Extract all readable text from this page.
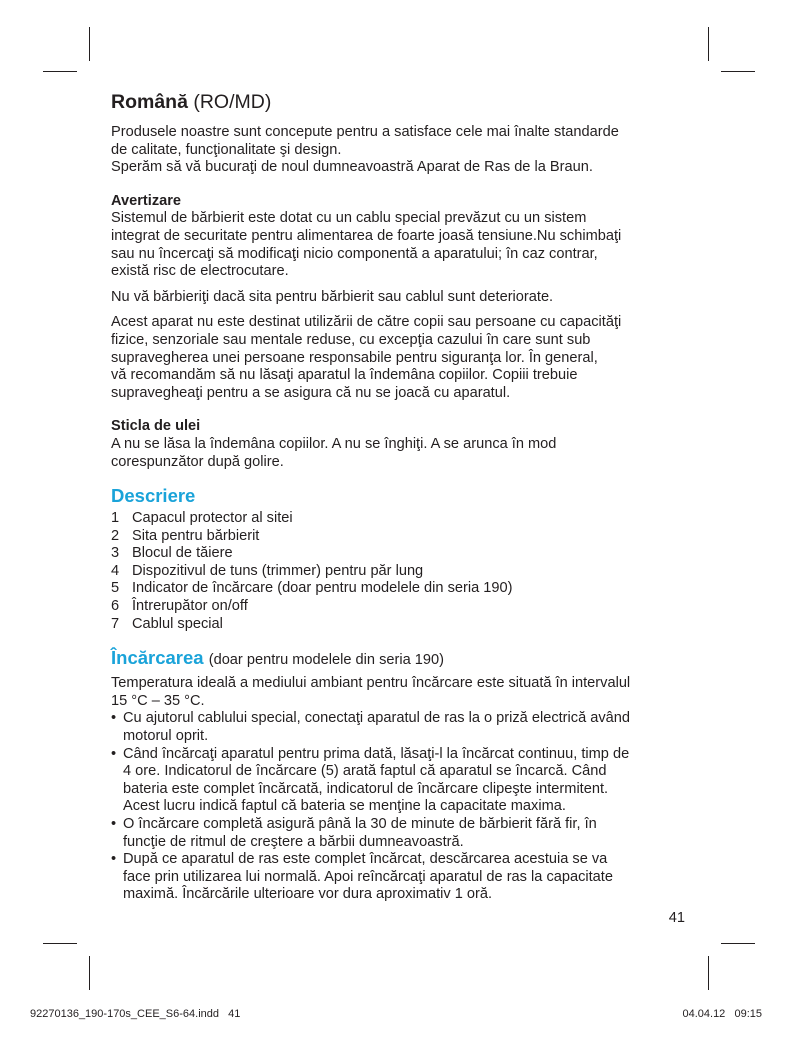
Română (RO/MD)

Produsele noastre sunt concepute pentru a satisface cele mai înalte standarde
de calitate, funcţionalitate şi design.
Sperăm să vă bucuraţi de noul dumneavoastră Aparat de Ras de la Braun.

Avertizare
Sistemul de bărbierit este dotat cu un cablu special prevăzut cu un sistem
integrat de securitate pentru alimentarea de foarte joasă tensiune.Nu schimbaţi
sau nu încercaţi să modificaţi nicio componentă a aparatului; în caz contrar,
există risc de electrocutare.

Nu vă bărbieriţi dacă sita pentru bărbierit sau cablul sunt deteriorate.

Acest aparat nu este destinat utilizării de către copii sau persoane cu capacităţi
fizice, senzoriale sau mentale reduse, cu excepţia cazului în care sunt sub
supravegherea unei persoane responsabile pentru siguranţa lor. În general,
vă recomandăm să nu lăsaţi aparatul la îndemâna copiilor. Copiii trebuie
supravegheaţi pentru a se asigura că nu se joacă cu aparatul.

Sticla de ulei
A nu se lăsa la îndemâna copiilor. A nu se înghiţi. A se arunca în mod
corespunzător după golire.

Descriere
1 Capacul protector al sitei
2 Sita pentru bărbierit
3 Blocul de tăiere
4 Dispozitivul de tuns (trimmer) pentru păr lung
5 Indicator de încărcare (doar pentru modelele din seria 190)
6 Întrerupător on/off
7 Cablul special
Încărcarea (doar pentru modelele din seria 190)

Temperatura ideală a mediului ambiant pentru încărcare este situată în intervalul
15 °C – 35 °C.

• Cu ajutorul cablului special, conectaţi aparatul de ras la o priză electrică având
motorul oprit.
• Când încărcaţi aparatul pentru prima dată, lăsaţi-l la încărcat continuu, timp de
4 ore. Indicatorul de încărcare (5) arată faptul că aparatul se încarcă. Când
bateria este complet încărcată, indicatorul de încărcare clipeşte intermitent.
Acest lucru indică faptul că bateria se menţine la capacitate maxima.
• O încărcare completă asigură până la 30 de minute de bărbierit fără fir, în
funcţie de ritmul de creştere a bărbii dumneavoastră.
• După ce aparatul de ras este complet încărcat, descărcarea acestuia se va
face prin utilizarea lui normală. Apoi reîncărcaţi aparatul de ras la capacitate
maximă. Încărcările ulterioare vor dura aproximativ 1 oră.
41
92270136_190-170s_CEE_S6-64.indd   41	04.04.12   09:15
